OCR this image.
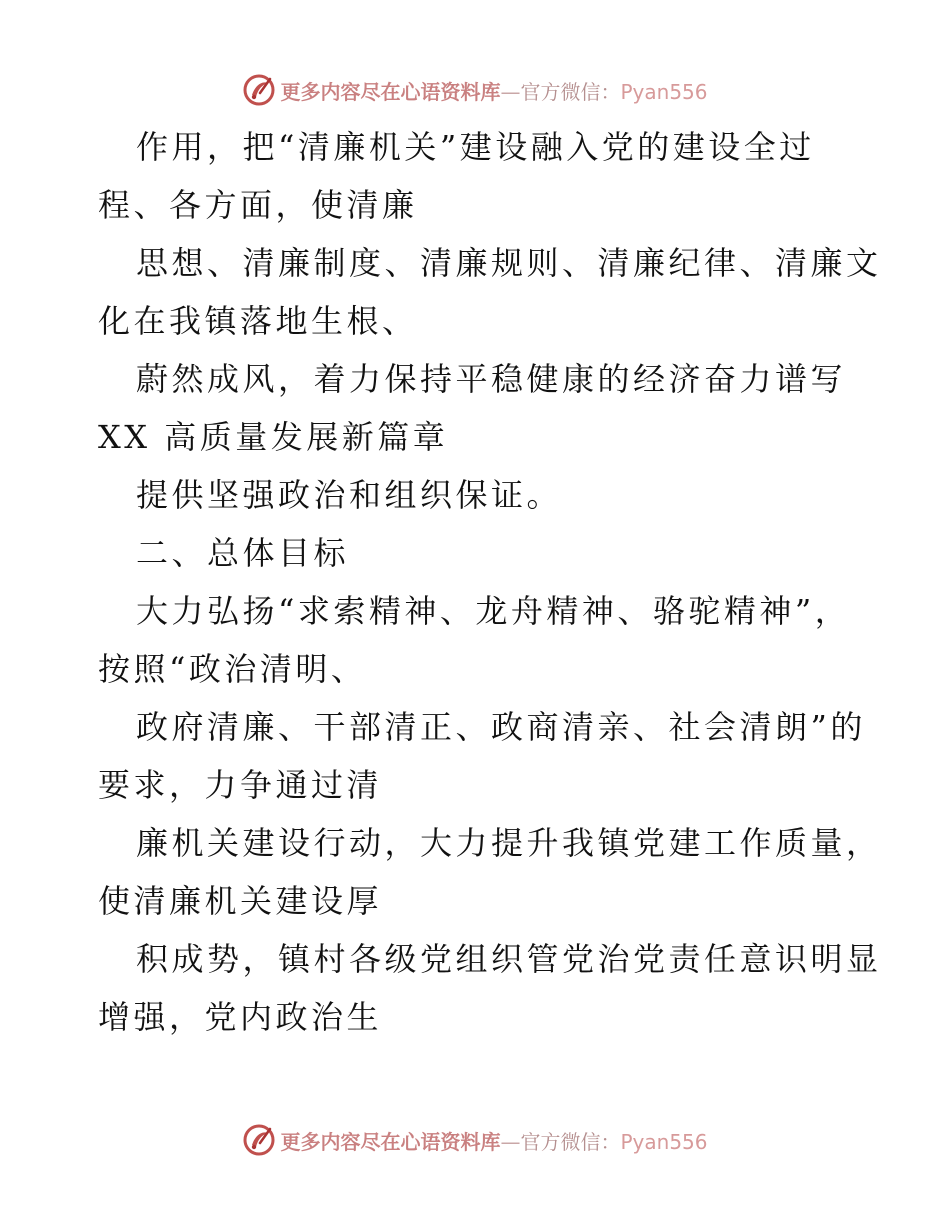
更多内容尽在心语资料库—官方微信：Pyan556
作用，把“清廉机关”建设融入党的建设全过
程、各方面，使清廉
思想、清廉制度、清廉规则、清廉纪律、清廉文
化在我镇落地生根、
蔚然成风，着力保持平稳健康的经济奋力谱写
XX 高质量发展新篇章
提供坚强政治和组织保证。
二、总体目标
大力弘扬“求索精神、龙舟精神、骆驼精神”，
按照“政治清明、
政府清廉、干部清正、政商清亲、社会清朗”的
要求，力争通过清
廉机关建设行动，大力提升我镇党建工作质量，
使清廉机关建设厚
积成势，镇村各级党组织管党治党责任意识明显
增强，党内政治生
更多内容尽在心语资料库—官方微信：Pyan556
